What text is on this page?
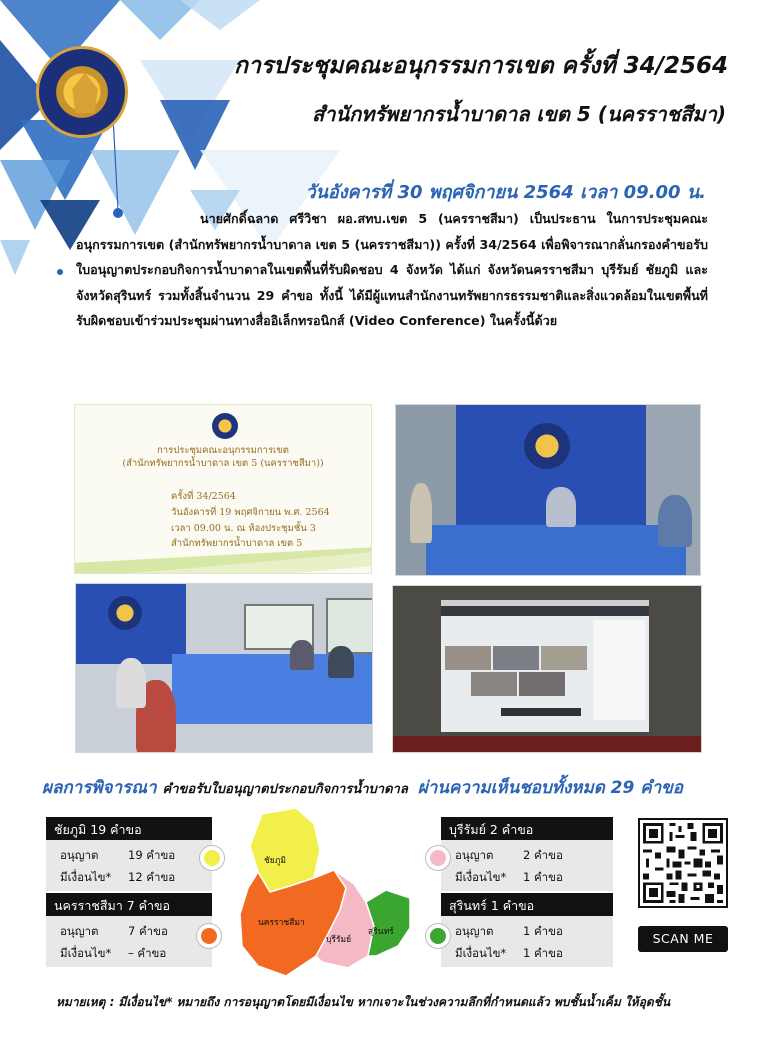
การประชุมคณะอนุกรรมการเขต ครั้งที่ 34/2564
สำนักทรัพยากรน้ำบาดาล เขต 5 (นครราชสีมา)
วันอังคารที่ 30 พฤศจิกายน 2564 เวลา 09.00 น.

นายศักดิ์ฉลาด ศรีวิชา ผอ.สทบ.เขต 5 (นครราชสีมา) เป็นประธาน ในการประชุมคณะอนุกรรมการเขต (สำนักทรัพยากรน้ำบาดาล เขต 5 (นครราชสีมา)) ครั้งที่ 34/2564 เพื่อพิจารณากลั่นกรองคำขอรับใบอนุญาตประกอบกิจการน้ำบาดาลในเขตพื้นที่รับผิดชอบ 4 จังหวัด ได้แก่ จังหวัดนครราชสีมา บุรีรัมย์ ชัยภูมิ และจังหวัดสุรินทร์ รวมทั้งสิ้นจำนวน 29 คำขอ ทั้งนี้ ได้มีผู้แทนสำนักงานทรัพยากรธรรมชาติและสิ่งแวดล้อมในเขตพื้นที่รับผิดชอบเข้าร่วมประชุมผ่านทางสื่ออิเล็กทรอนิกส์ (Video Conference) ในครั้งนี้ด้วย

การประชุมคณะอนุกรรมการเขต
(สำนักทรัพยากรน้ำบาดาล เขต 5 (นครราชสีมา))
ครั้งที่ 34/2564
วันอังคารที่ 19 พฤศจิกายน พ.ศ. 2564
เวลา 09.00 น. ณ ห้องประชุมชั้น 3
สำนักทรัพยากรน้ำบาดาล เขต 5
ผลการพิจารณา คำขอรับใบอนุญาตประกอบกิจการน้ำบาดาล ผ่านความเห็นชอบทั้งหมด 29 คำขอ
ชัยภูมิ 19 คำขอ
อนุญาต	19 คำขอ
มีเงื่อนไข*	12 คำขอ
นครราชสีมา 7 คำขอ
อนุญาต	7 คำขอ
มีเงื่อนไข*	– คำขอ
บุรีรัมย์ 2 คำขอ
อนุญาต	2 คำขอ
มีเงื่อนไข*	1 คำขอ
สุรินทร์ 1 คำขอ
อนุญาต	1 คำขอ
มีเงื่อนไข*	1 คำขอ
ชัยภูมิ
นครราชสีมา
บุรีรัมย์
สุรินทร์	SCAN ME
หมายเหตุ : มีเงื่อนไข* หมายถึง การอนุญาตโดยมีเงื่อนไข หากเจาะในช่วงความลึกที่กำหนดแล้ว พบชั้นน้ำเค็ม ให้อุดชั้น
